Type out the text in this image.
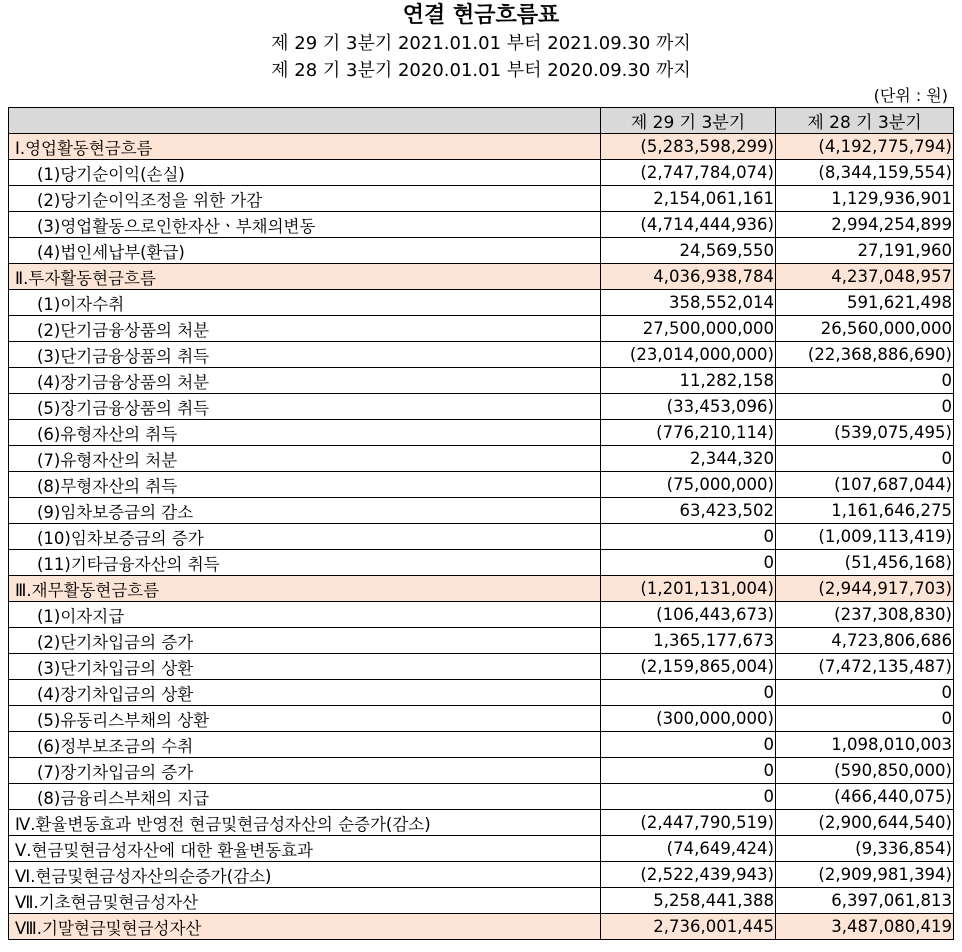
연결 현금흐름표
제 29 기 3분기 2021.01.01 부터 2021.09.30 까지
제 28 기 3분기 2020.01.01 부터 2020.09.30 까지
(단위 : 원)
	제 29 기 3분기	제 28 기 3분기
Ⅰ.영업활동현금흐름	(5,283,598,299)	(4,192,775,794)
(1)당기순이익(손실)	(2,747,784,074)	(8,344,159,554)
(2)당기순이익조정을 위한 가감	2,154,061,161	1,129,936,901
(3)영업활동으로인한자산ㆍ부채의변동	(4,714,444,936)	2,994,254,899
(4)법인세납부(환급)	24,569,550	27,191,960
Ⅱ.투자활동현금흐름	4,036,938,784	4,237,048,957
(1)이자수취	358,552,014	591,621,498
(2)단기금융상품의 처분	27,500,000,000	26,560,000,000
(3)단기금융상품의 취득	(23,014,000,000)	(22,368,886,690)
(4)장기금융상품의 처분	11,282,158	0
(5)장기금융상품의 취득	(33,453,096)	0
(6)유형자산의 취득	(776,210,114)	(539,075,495)
(7)유형자산의 처분	2,344,320	0
(8)무형자산의 취득	(75,000,000)	(107,687,044)
(9)임차보증금의 감소	63,423,502	1,161,646,275
(10)임차보증금의 증가	0	(1,009,113,419)
(11)기타금융자산의 취득	0	(51,456,168)
Ⅲ.재무활동현금흐름	(1,201,131,004)	(2,944,917,703)
(1)이자지급	(106,443,673)	(237,308,830)
(2)단기차입금의 증가	1,365,177,673	4,723,806,686
(3)단기차입금의 상환	(2,159,865,004)	(7,472,135,487)
(4)장기차입금의 상환	0	0
(5)유동리스부채의 상환	(300,000,000)	0
(6)정부보조금의 수취	0	1,098,010,003
(7)장기차입금의 증가	0	(590,850,000)
(8)금융리스부채의 지급	0	(466,440,075)
Ⅳ.환율변동효과 반영전 현금및현금성자산의 순증가(감소)	(2,447,790,519)	(2,900,644,540)
Ⅴ.현금및현금성자산에 대한 환율변동효과	(74,649,424)	(9,336,854)
Ⅵ.현금및현금성자산의순증가(감소)	(2,522,439,943)	(2,909,981,394)
Ⅶ.기초현금및현금성자산	5,258,441,388	6,397,061,813
Ⅷ.기말현금및현금성자산	2,736,001,445	3,487,080,419
